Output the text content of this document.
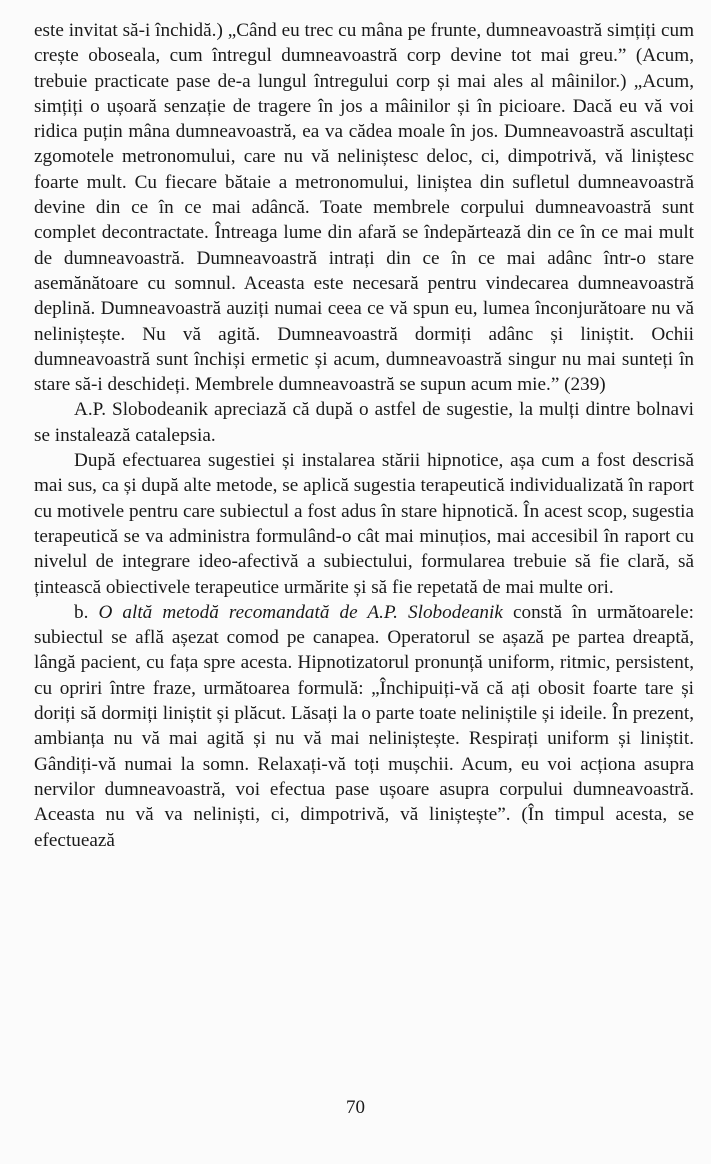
este invitat să-i închidă.) „Când eu trec cu mâna pe frunte, dumneavoastră simțiți cum crește oboseala, cum întregul dumneavoastră corp devine tot mai greu.” (Acum, trebuie practicate pase de-a lungul întregului corp și mai ales al mâinilor.) „Acum, simțiți o ușoară senzație de tragere în jos a mâinilor și în picioare. Dacă eu vă voi ridica puțin mâna dumneavoastră, ea va cădea moale în jos. Dumneavoastră ascultați zgomotele metronomului, care nu vă neliniștesc deloc, ci, dimpotrivă, vă liniștesc foarte mult. Cu fiecare bătaie a metronomului, liniștea din sufletul dumneavoastră devine din ce în ce mai adâncă. Toate membrele corpului dumneavoastră sunt complet decontractate. Întreaga lume din afară se îndepărtează din ce în ce mai mult de dumneavoastră. Dumneavoastră intrați din ce în ce mai adânc într-o stare asemănătoare cu somnul. Aceasta este necesară pentru vindecarea dumneavoastră deplină. Dumneavoastră auziți numai ceea ce vă spun eu, lumea înconjurătoare nu vă neliniștește. Nu vă agită. Dumneavoastră dormiți adânc și liniștit. Ochii dumneavoastră sunt închiși ermetic și acum, dumneavoastră singur nu mai sunteți în stare să-i deschideți. Membrele dumneavoastră se supun acum mie.” (239)

A.P. Slobodeanik apreciază că după o astfel de sugestie, la mulți dintre bolnavi se instalează catalepsia.

După efectuarea sugestiei și instalarea stării hipnotice, așa cum a fost descrisă mai sus, ca și după alte metode, se aplică sugestia terapeutică individualizată în raport cu motivele pentru care subiectul a fost adus în stare hipnotică. În acest scop, sugestia terapeutică se va administra formulând-o cât mai minuțios, mai accesibil în raport cu nivelul de integrare ideo-afectivă a subiectului, formularea trebuie să fie clară, să țintească obiectivele terapeutice urmărite și să fie repetată de mai multe ori.

b. O altă metodă recomandată de A.P. Slobodeanik constă în următoarele: subiectul se află așezat comod pe canapea. Operatorul se așază pe partea dreaptă, lângă pacient, cu fața spre acesta. Hipnotizatorul pronunță uniform, ritmic, persistent, cu opriri între fraze, următoarea formulă: „Închipuiți-vă că ați obosit foarte tare și doriți să dormiți liniștit și plăcut. Lăsați la o parte toate neliniștile și ideile. În prezent, ambianța nu vă mai agită și nu vă mai neliniștește. Respirați uniform și liniștit. Gândiți-vă numai la somn. Relaxați-vă toți mușchii. Acum, eu voi acționa asupra nervilor dumneavoastră, voi efectua pase ușoare asupra corpului dumneavoastră. Aceasta nu vă va neliniști, ci, dimpotrivă, vă liniștește”. (În timpul acesta, se efectuează

70
